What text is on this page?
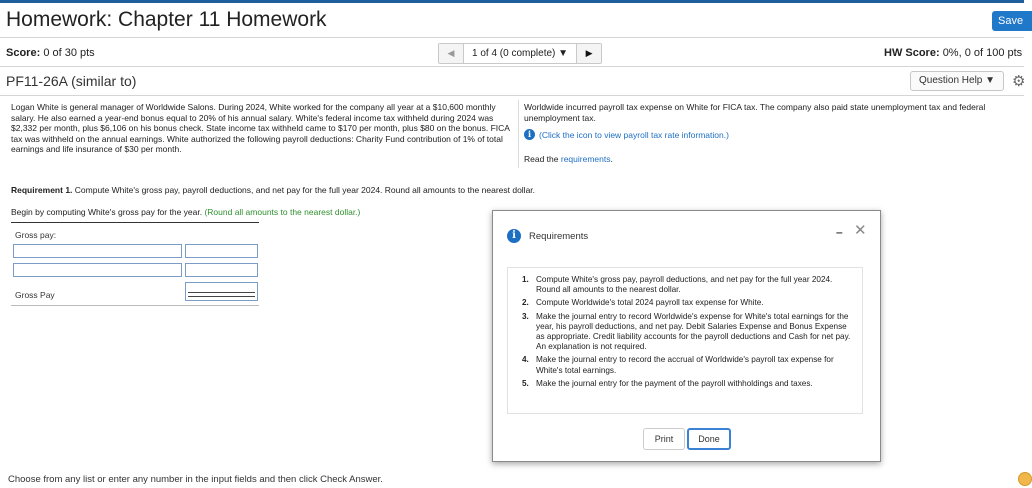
Homework: Chapter 11 Homework	Save
Score: 0 of 30 pts	◀	1 of 4 (0 complete) ▼	▶	HW Score: 0%, 0 of 100 pts
PF11-26A (similar to)	Question Help ▼	⚙
Logan White is general manager of Worldwide Salons. During 2024, White worked for the company all year at a $10,600 monthly salary. He also earned a year-end bonus equal to 20% of his annual salary. White's federal income tax withheld during 2024 was $2,332 per month, plus $6,106 on his bonus check. State income tax withheld came to $170 per month, plus $80 on the bonus. FICA tax was withheld on the annual earnings. White authorized the following payroll deductions: Charity Fund contribution of 1% of total earnings and life insurance of $30 per month.
Worldwide incurred payroll tax expense on White for FICA tax. The company also paid state unemployment tax and federal unemployment tax.
i (Click the icon to view payroll tax rate information.)
Read the requirements.
Requirement 1. Compute White's gross pay, payroll deductions, and net pay for the full year 2024. Round all amounts to the nearest dollar.
Begin by computing White's gross pay for the year. (Round all amounts to the nearest dollar.)
Gross pay:
Gross Pay
Choose from any list or enter any number in the input fields and then click Check Answer.
i	Requirements	– ✕
1. Compute White's gross pay, payroll deductions, and net pay for the full year 2024. Round all amounts to the nearest dollar.
2. Compute Worldwide's total 2024 payroll tax expense for White.
3. Make the journal entry to record Worldwide's expense for White's total earnings for the year, his payroll deductions, and net pay. Debit Salaries Expense and Bonus Expense as appropriate. Credit liability accounts for the payroll deductions and Cash for net pay. An explanation is not required.
4. Make the journal entry to record the accrual of Worldwide's payroll tax expense for White's total earnings.
5. Make the journal entry for the payment of the payroll withholdings and taxes.
Print	Done
